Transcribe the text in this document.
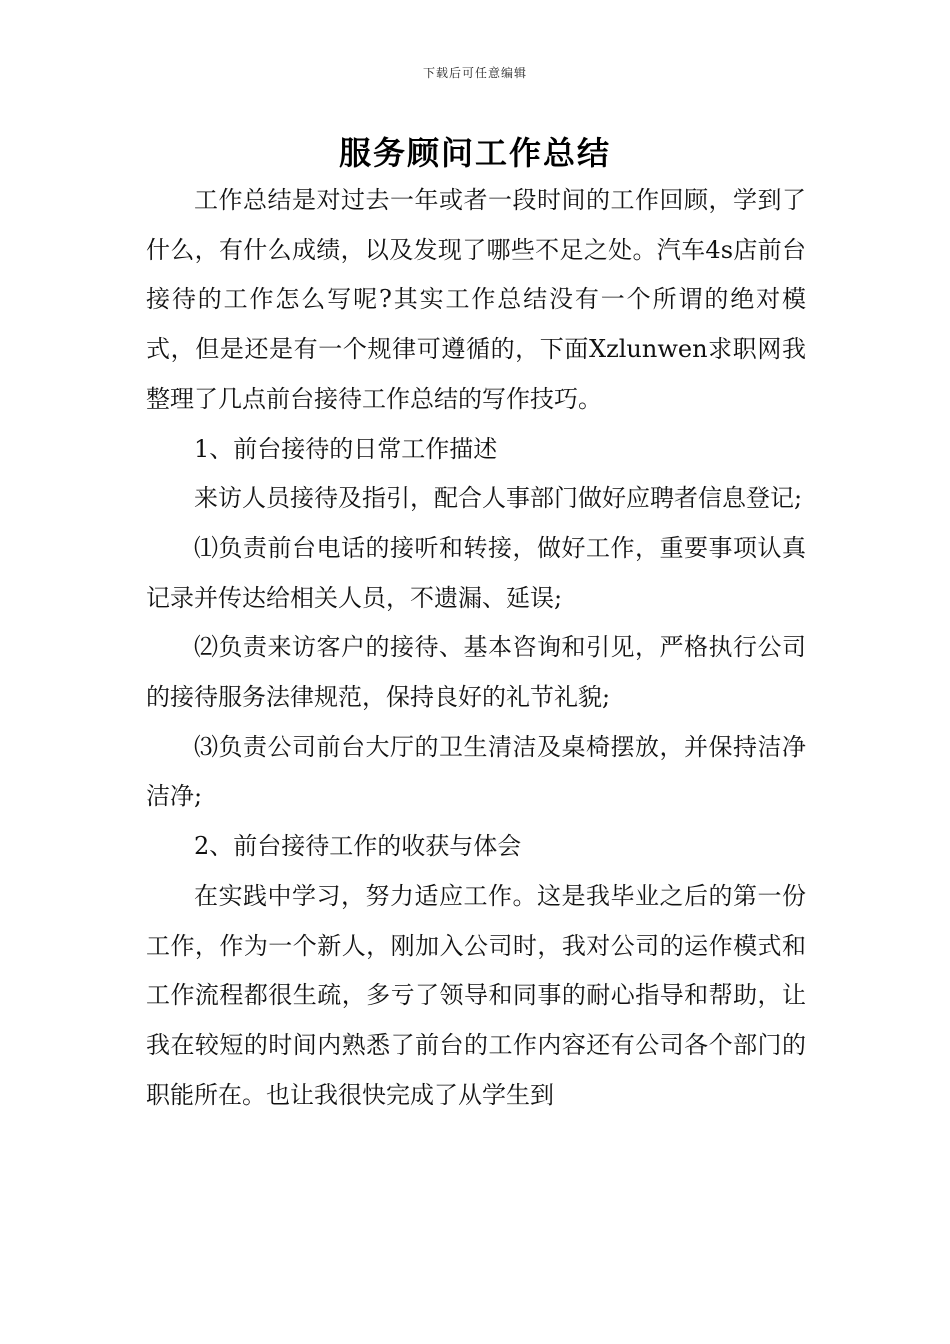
下载后可任意编辑
服务顾问工作总结

工作总结是对过去一年或者一段时间的工作回顾，学到了什么，有什么成绩，以及发现了哪些不足之处。汽车4s店前台接待的工作怎么写呢?其实工作总结没有一个所谓的绝对模式，但是还是有一个规律可遵循的，下面Xzlunwen求职网我整理了几点前台接待工作总结的写作技巧。

1、前台接待的日常工作描述

来访人员接待及指引，配合人事部门做好应聘者信息登记;

⑴负责前台电话的接听和转接，做好工作，重要事项认真记录并传达给相关人员，不遗漏、延误;

⑵负责来访客户的接待、基本咨询和引见，严格执行公司的接待服务法律规范，保持良好的礼节礼貌;

⑶负责公司前台大厅的卫生清洁及桌椅摆放，并保持洁净洁净;

2、前台接待工作的收获与体会

在实践中学习，努力适应工作。这是我毕业之后的第一份工作，作为一个新人，刚加入公司时，我对公司的运作模式和工作流程都很生疏，多亏了领导和同事的耐心指导和帮助，让我在较短的时间内熟悉了前台的工作内容还有公司各个部门的职能所在。也让我很快完成了从学生到
